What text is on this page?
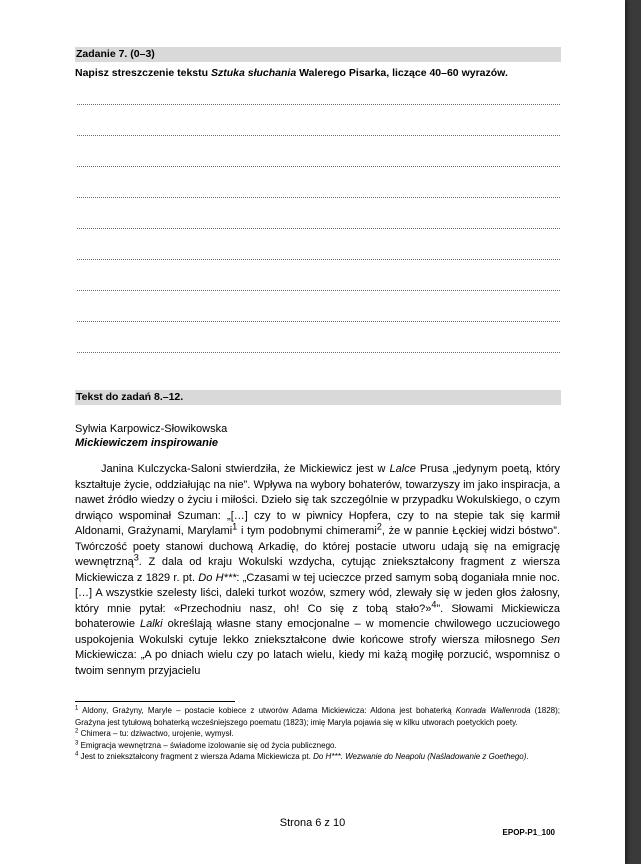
Zadanie 7. (0–3)
Napisz streszczenie tekstu Sztuka słuchania Walerego Pisarka, liczące 40–60 wyrazów.
Tekst do zadań 8.–12.
Sylwia Karpowicz-Słowikowska
Mickiewiczem inspirowanie

Janina Kulczycka-Saloni stwierdziła, że Mickiewicz jest w Lalce Prusa „jedynym poetą, który kształtuje życie, oddziałując na nie”. Wpływa na wybory bohaterów, towarzyszy im jako inspiracja, a nawet źródło wiedzy o życiu i miłości. Dzieło się tak szczególnie w przypadku Wokulskiego, o czym drwiąco wspominał Szuman: „[…] czy to w piwnicy Hopfera, czy to na stepie tak się karmił Aldonami, Grażynami, Marylami$^1$ i tym podobnymi chimerami$^2$, że w pannie Łęckiej widzi bóstwo”. Twórczość poety stanowi duchową Arkadię, do której postacie utworu udają się na emigrację wewnętrzną$^3$. Z dala od kraju Wokulski wzdycha, cytując zniekształcony fragment z wiersza Mickiewicza z 1829 r. pt. Do H***: „Czasami w tej ucieczce przed samym sobą doganiała mnie noc. […] A wszystkie szelesty liści, daleki turkot wozów, szmery wód, zlewały się w jeden głos żałosny, który mnie pytał: «Przechodniu nasz, oh! Co się z tobą stało?»$^4$”. Słowami Mickiewicza bohaterowie Lalki określają własne stany emocjonalne – w momencie chwilowego uczuciowego uspokojenia Wokulski cytuje lekko zniekształcone dwie końcowe strofy wiersza miłosnego Sen Mickiewicza: „A po dniach wielu czy po latach wielu, kiedy mi każą mogiłę porzucić, wspomnisz o twoim sennym przyjacielu

$^1$ Aldony, Grażyny, Maryle – postacie kobiece z utworów Adama Mickiewicza: Aldona jest bohaterką Konrada Wallenroda (1828); Grażyna jest tytułową bohaterką wcześniejszego poematu (1823); imię Maryla pojawia się w kilku utworach poetyckich poety.
$^2$ Chimera – tu: dziwactwo, urojenie, wymysł.
$^3$ Emigracja wewnętrzna – świadome izolowanie się od życia publicznego.
$^4$ Jest to zniekształcony fragment z wiersza Adama Mickiewicza pt. Do H***. Wezwanie do Neapolu (Naśladowanie z Goethego).
Strona 6 z 10
EPOP-P1_100
